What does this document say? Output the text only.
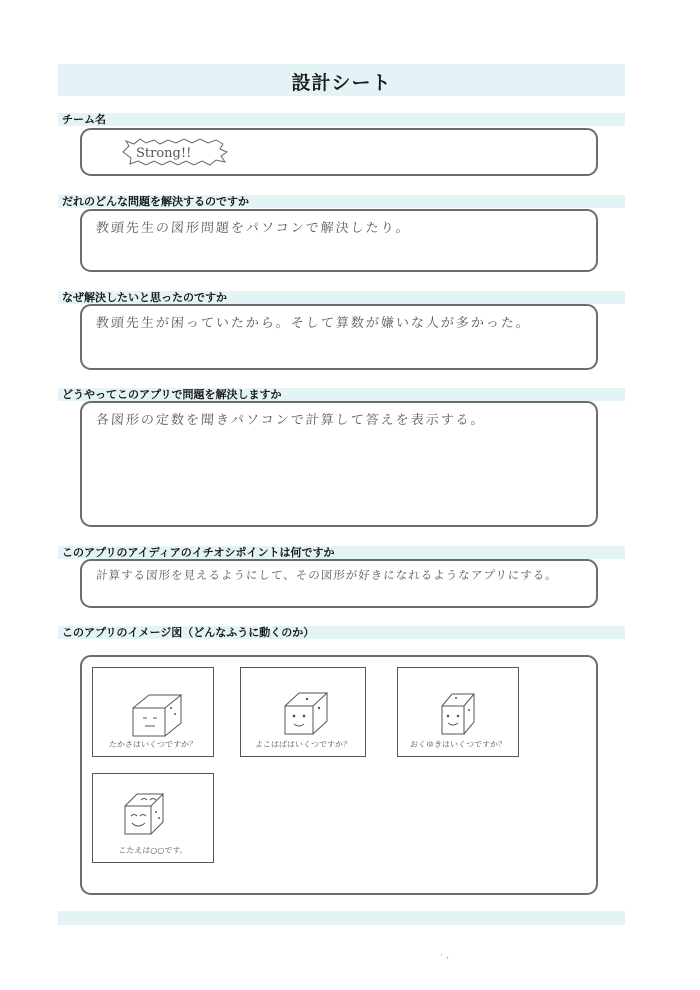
設計シート
チーム名
Strong!!
だれのどんな問題を解決するのですか
教頭先生の図形問題をパソコンで解決したり。
なぜ解決したいと思ったのですか
教頭先生が困っていたから。そして算数が嫌いな人が多かった。
どうやってこのアプリで問題を解決しますか
各図形の定数を聞きパソコンで計算して答えを表示する。
このアプリのアイディアのイチオシポイントは何ですか
計算する図形を見えるようにして、その図形が好きになれるようなアプリにする。
このアプリのイメージ図（どんなふうに動くのか）
たかさはいくつですか？	よこはばはいくつですか？	おくゆきはいくつですか？
こたえは○○です。
· 、
